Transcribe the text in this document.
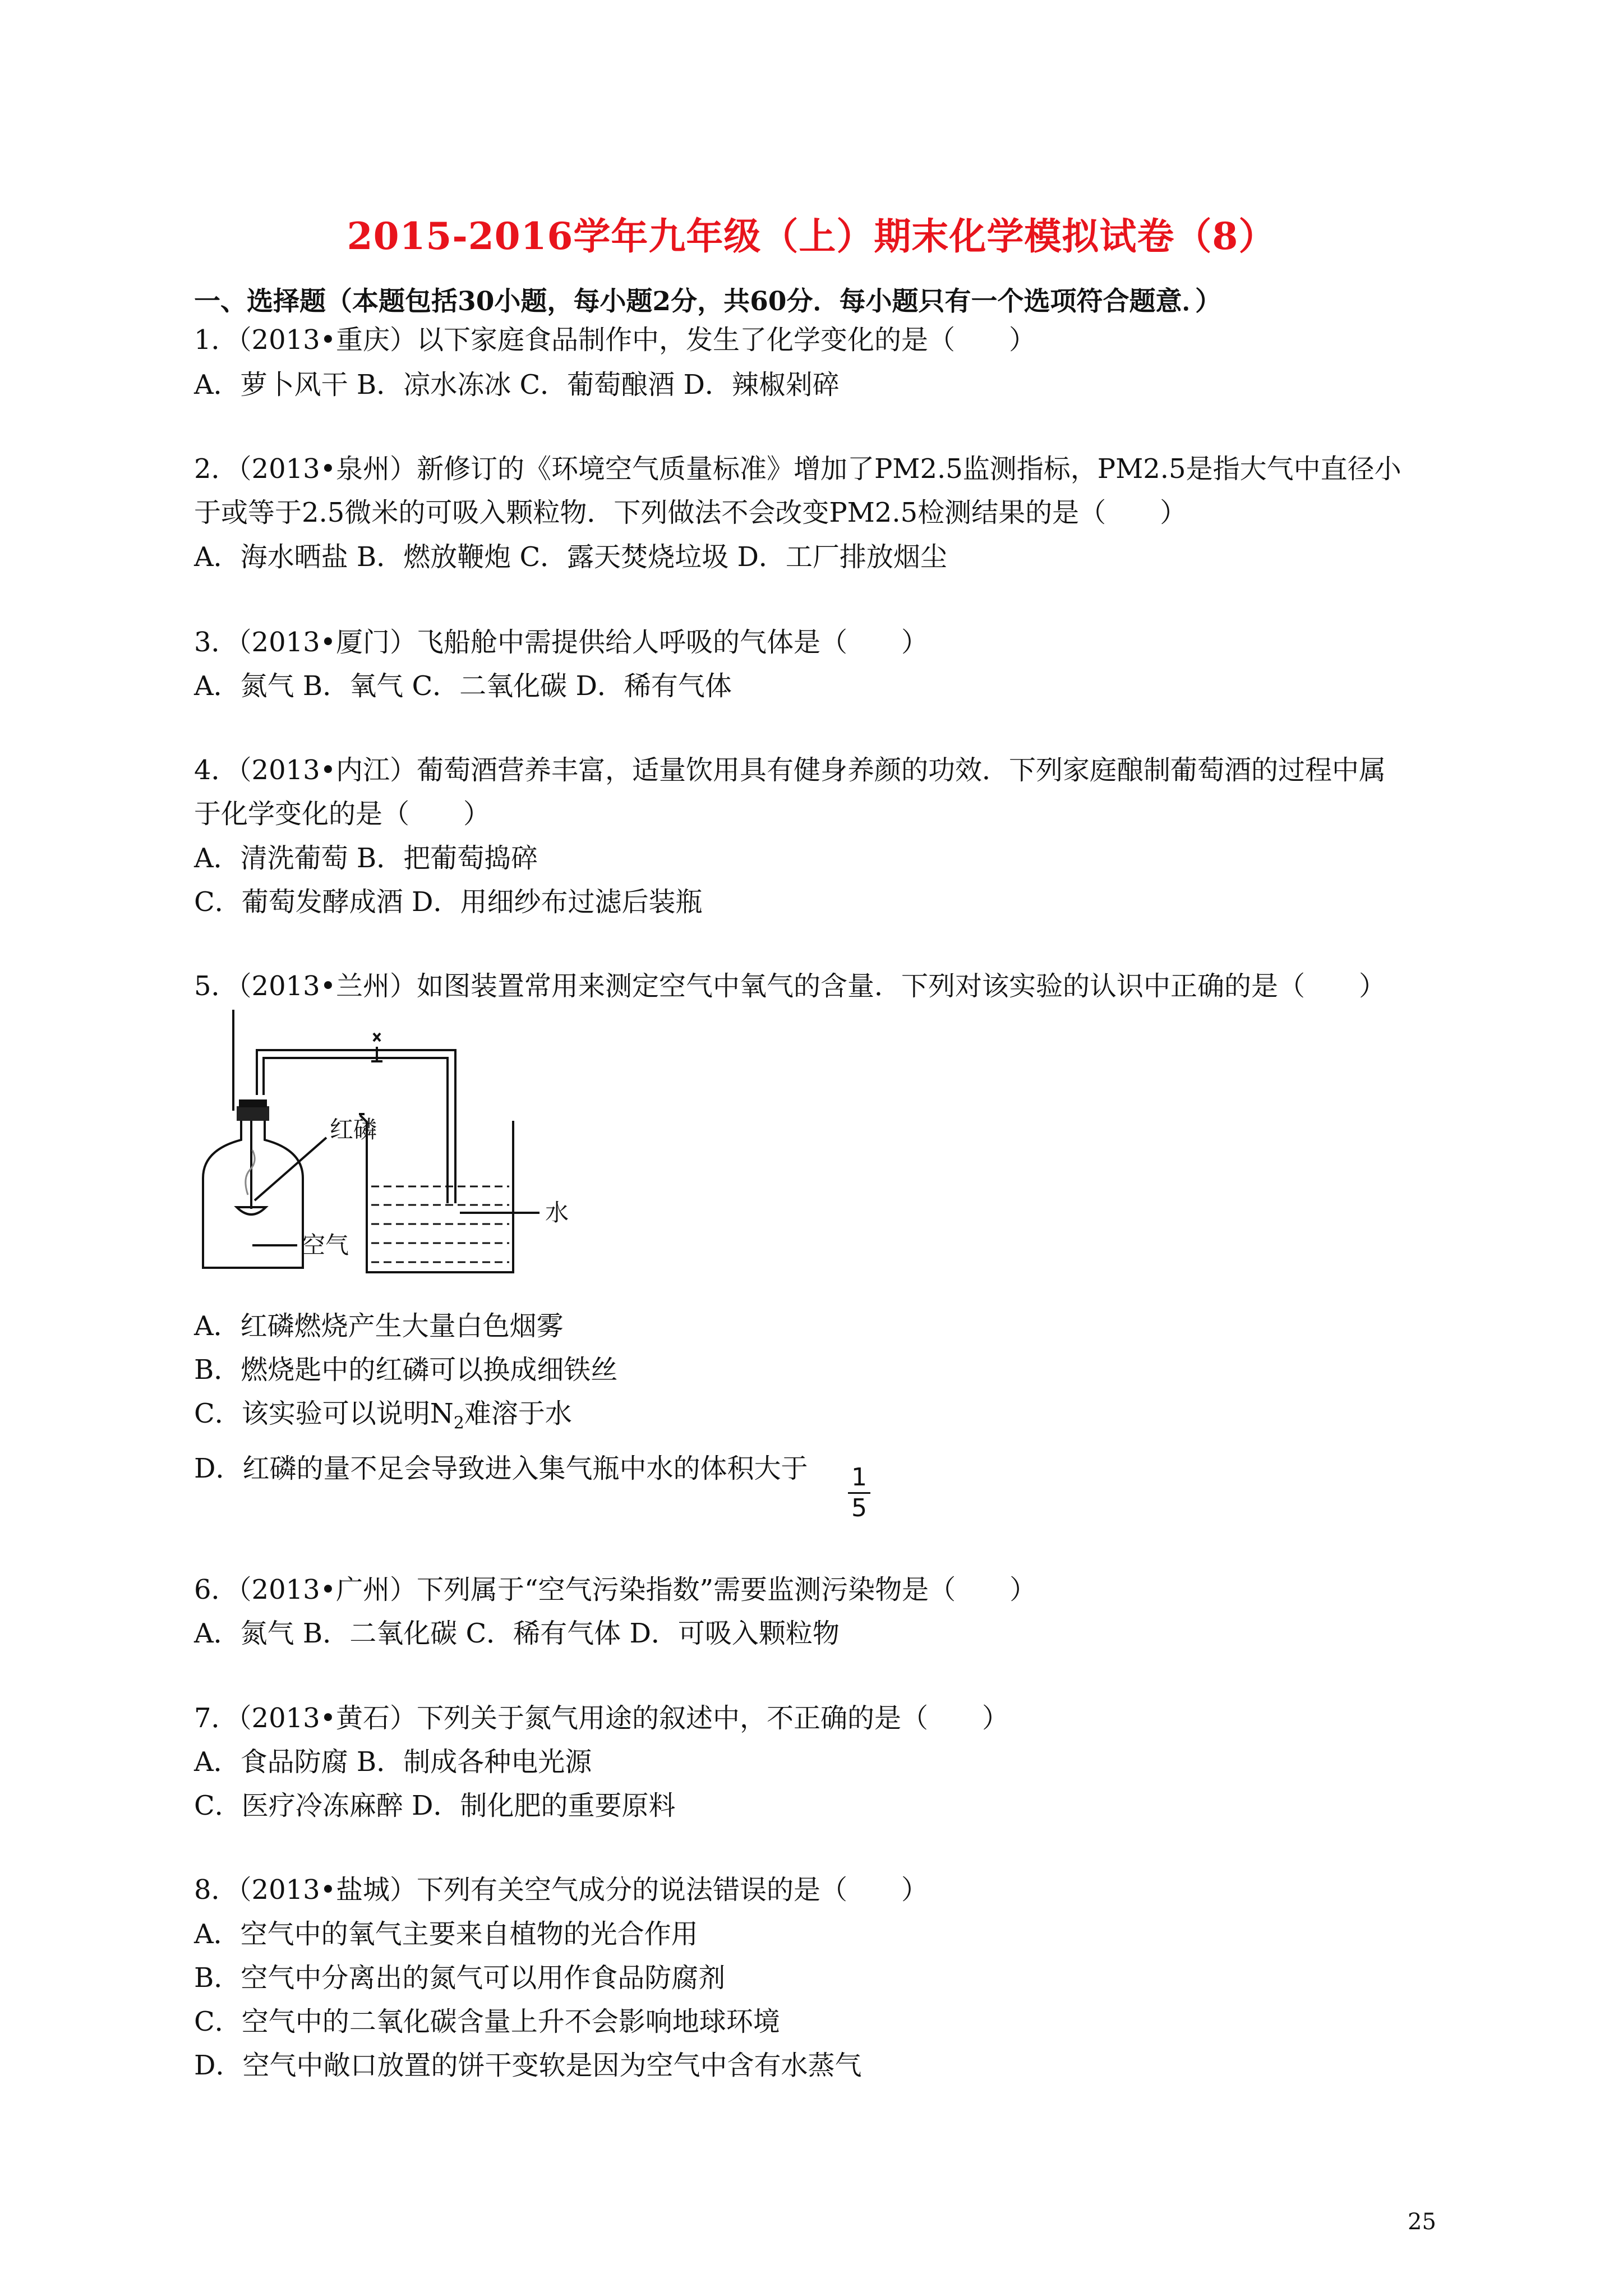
2015-2016学年九年级（上）期末化学模拟试卷（8）
一、选择题（本题包括30小题，每小题2分，共60分．每小题只有一个选项符合题意．）
1．（2013•重庆）以下家庭食品制作中，发生了化学变化的是（　　）
A．萝卜风干 B．凉水冻冰 C．葡萄酿酒 D．辣椒剁碎
2．（2013•泉州）新修订的《环境空气质量标准》增加了PM2.5监测指标，PM2.5是指大气中直径小
于或等于2.5微米的可吸入颗粒物．下列做法不会改变PM2.5检测结果的是（　　）
A．海水晒盐 B．燃放鞭炮 C．露天焚烧垃圾 D．工厂排放烟尘
3．（2013•厦门）飞船舱中需提供给人呼吸的气体是（　　）
A．氮气 B．氧气 C．二氧化碳 D．稀有气体
4．（2013•内江）葡萄酒营养丰富，适量饮用具有健身养颜的功效．下列家庭酿制葡萄酒的过程中属
于化学变化的是（　　）
A．清洗葡萄 B．把葡萄捣碎
C．葡萄发酵成酒 D．用细纱布过滤后装瓶
5．（2013•兰州）如图装置常用来测定空气中氧气的含量．下列对该实验的认识中正确的是（　　）
红磷
水
空气
A．红磷燃烧产生大量白色烟雾
B．燃烧匙中的红磷可以换成细铁丝
C．该实验可以说明$N_2$难溶于水
D．红磷的量不足会导致进入集气瓶中水的体积大于 1
5
6．（2013•广州）下列属于“空气污染指数”需要监测污染物是（　　）
A．氮气 B．二氧化碳 C．稀有气体 D．可吸入颗粒物
7．（2013•黄石）下列关于氮气用途的叙述中，不正确的是（　　）
A．食品防腐 B．制成各种电光源
C．医疗冷冻麻醉 D．制化肥的重要原料
8．（2013•盐城）下列有关空气成分的说法错误的是（　　）
A．空气中的氧气主要来自植物的光合作用
B．空气中分离出的氮气可以用作食品防腐剂
C．空气中的二氧化碳含量上升不会影响地球环境
D．空气中敞口放置的饼干变软是因为空气中含有水蒸气
25
